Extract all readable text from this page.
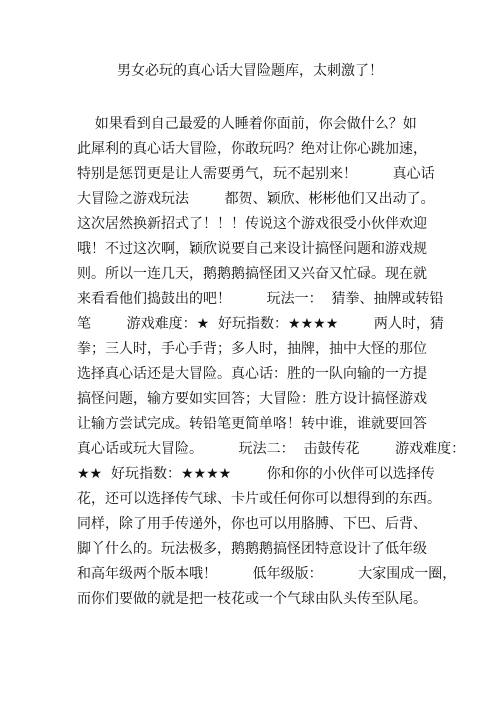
男女必玩的真心话大冒险题库，太刺激了！
如果看到自己最爱的人睡着你面前，你会做什么？如
此犀利的真心话大冒险，你敢玩吗？绝对让你心跳加速，
特别是惩罚更是让人需要勇气，玩不起别来！        真心话
大冒险之游戏玩法        都贺、颖欣、彬彬他们又出动了。
这次居然换新招式了！！！传说这个游戏很受小伙伴欢迎
哦！不过这次啊，颖欣说要自己来设计搞怪问题和游戏规
则。所以一连几天，鹅鹅鹅搞怪团又兴奋又忙碌。现在就
来看看他们捣鼓出的吧！        玩法一：  猜拳、抽牌或转铅
笔        游戏难度：★  好玩指数：★★★★        两人时，猜
拳；三人时，手心手背；多人时，抽牌，抽中大怪的那位
选择真心话还是大冒险。真心话：胜的一队向输的一方提
搞怪问题，输方要如实回答；大冒险：胜方设计搞怪游戏
让输方尝试完成。转铅笔更简单咯！转中谁，谁就要回答
真心话或玩大冒险。        玩法二：  击鼓传花        游戏难度：
★★  好玩指数：★★★★        你和你的小伙伴可以选择传
花，还可以选择传气球、卡片或任何你可以想得到的东西。
同样，除了用手传递外，你也可以用胳膊、下巴、后背、
脚丫什么的。玩法极多，鹅鹅鹅搞怪团特意设计了低年级
和高年级两个版本哦！        低年级版：        大家围成一圈，
而你们要做的就是把一枝花或一个气球由队头传至队尾。
